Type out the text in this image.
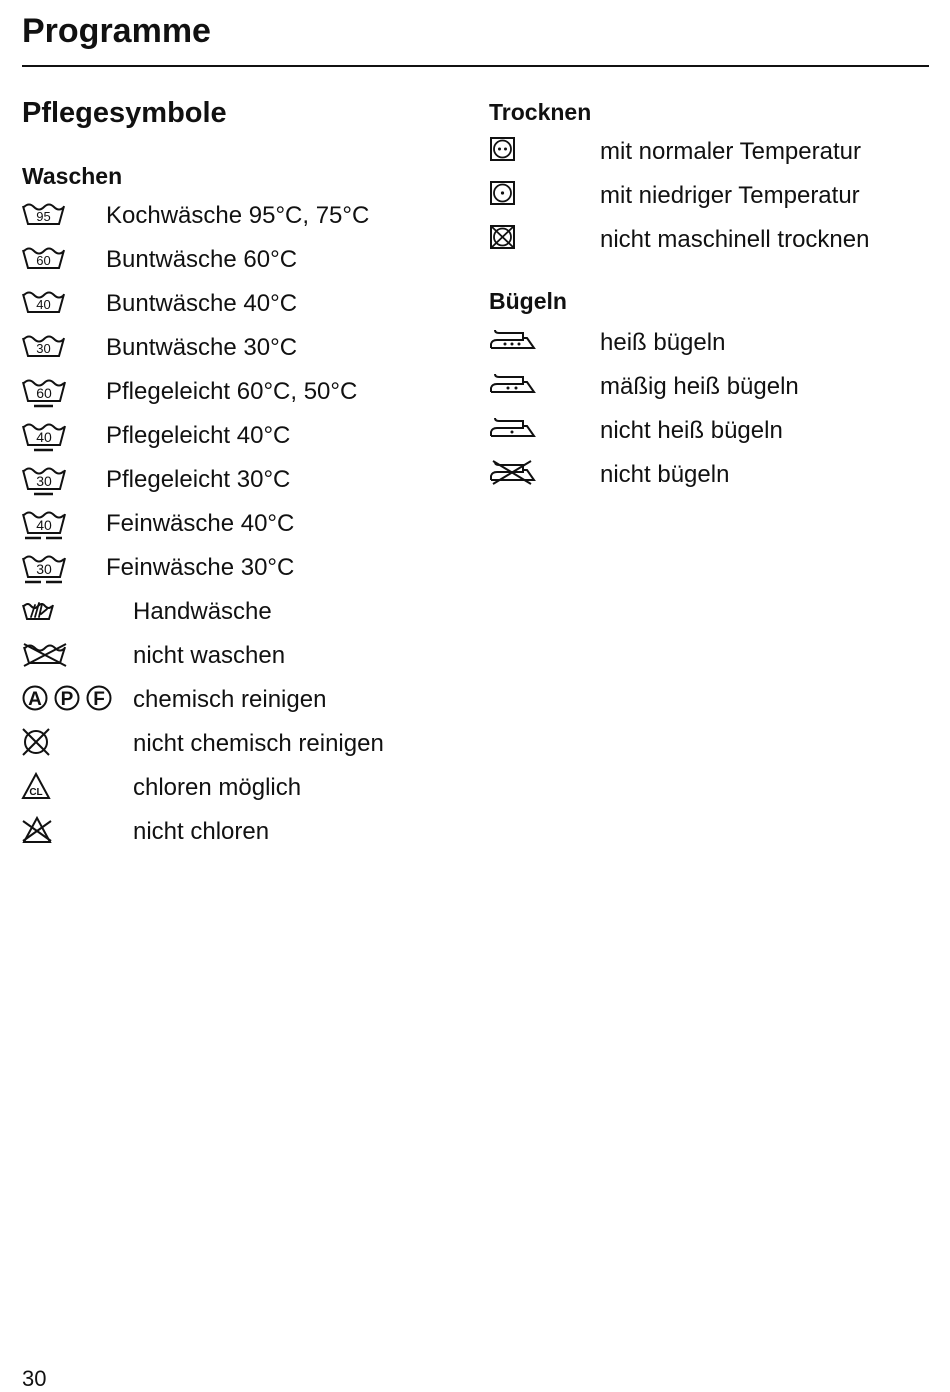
Programme
Pflegesymbole
Waschen
95 Kochwäsche 95°C, 75°C
60 Buntwäsche 60°C
40 Buntwäsche 40°C
30 Buntwäsche 30°C
60 Pflegeleicht 60°C, 50°C
40 Pflegeleicht 40°C
30 Pflegeleicht 30°C
40 Feinwäsche 40°C
30 Feinwäsche 30°C
Handwäsche
nicht waschen
A P F chemisch reinigen
nicht chemisch reinigen
CL	chloren möglich
nicht chloren
Trocknen
mit normaler Temperatur
mit niedriger Temperatur
nicht maschinell trocknen
Bügeln
heiß bügeln
mäßig heiß bügeln
nicht heiß bügeln
nicht bügeln
30
